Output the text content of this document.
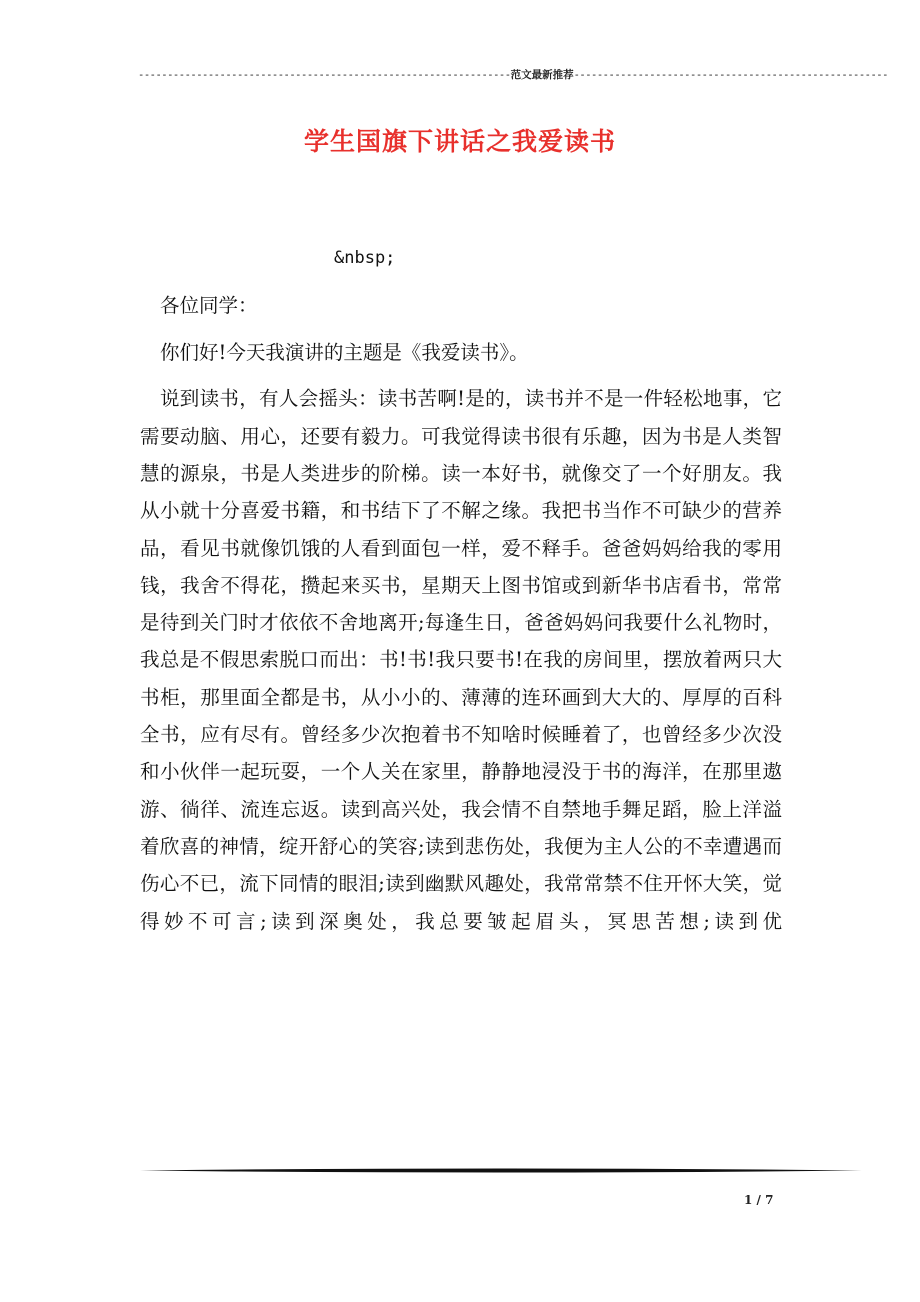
----------------------------------------------------------------范文最新推荐------------------------------------------------------
学生国旗下讲话之我爱读书

&nbsp;

各位同学：

你们好!今天我演讲的主题是《我爱读书》。

说到读书，有人会摇头：读书苦啊!是的，读书并不是一件轻松地事，它需要动脑、用心，还要有毅力。可我觉得读书很有乐趣，因为书是人类智慧的源泉，书是人类进步的阶梯。读一本好书，就像交了一个好朋友。我从小就十分喜爱书籍，和书结下了不解之缘。我把书当作不可缺少的营养品，看见书就像饥饿的人看到面包一样，爱不释手。爸爸妈妈给我的零用钱，我舍不得花，攒起来买书，星期天上图书馆或到新华书店看书，常常是待到关门时才依依不舍地离开;每逢生日，爸爸妈妈问我要什么礼物时，我总是不假思索脱口而出：书!书!我只要书!在我的房间里，摆放着两只大书柜，那里面全都是书，从小小的、薄薄的连环画到大大的、厚厚的百科全书，应有尽有。曾经多少次抱着书不知啥时候睡着了，也曾经多少次没和小伙伴一起玩耍，一个人关在家里，静静地浸没于书的海洋，在那里遨游、徜徉、流连忘返。读到高兴处，我会情不自禁地手舞足蹈，脸上洋溢着欣喜的神情，绽开舒心的笑容;读到悲伤处，我便为主人公的不幸遭遇而伤心不已，流下同情的眼泪;读到幽默风趣处，我常常禁不住开怀大笑，觉得妙不可言;读到深奥处，我总要皱起眉头，冥思苦想;读到优

1 / 7
